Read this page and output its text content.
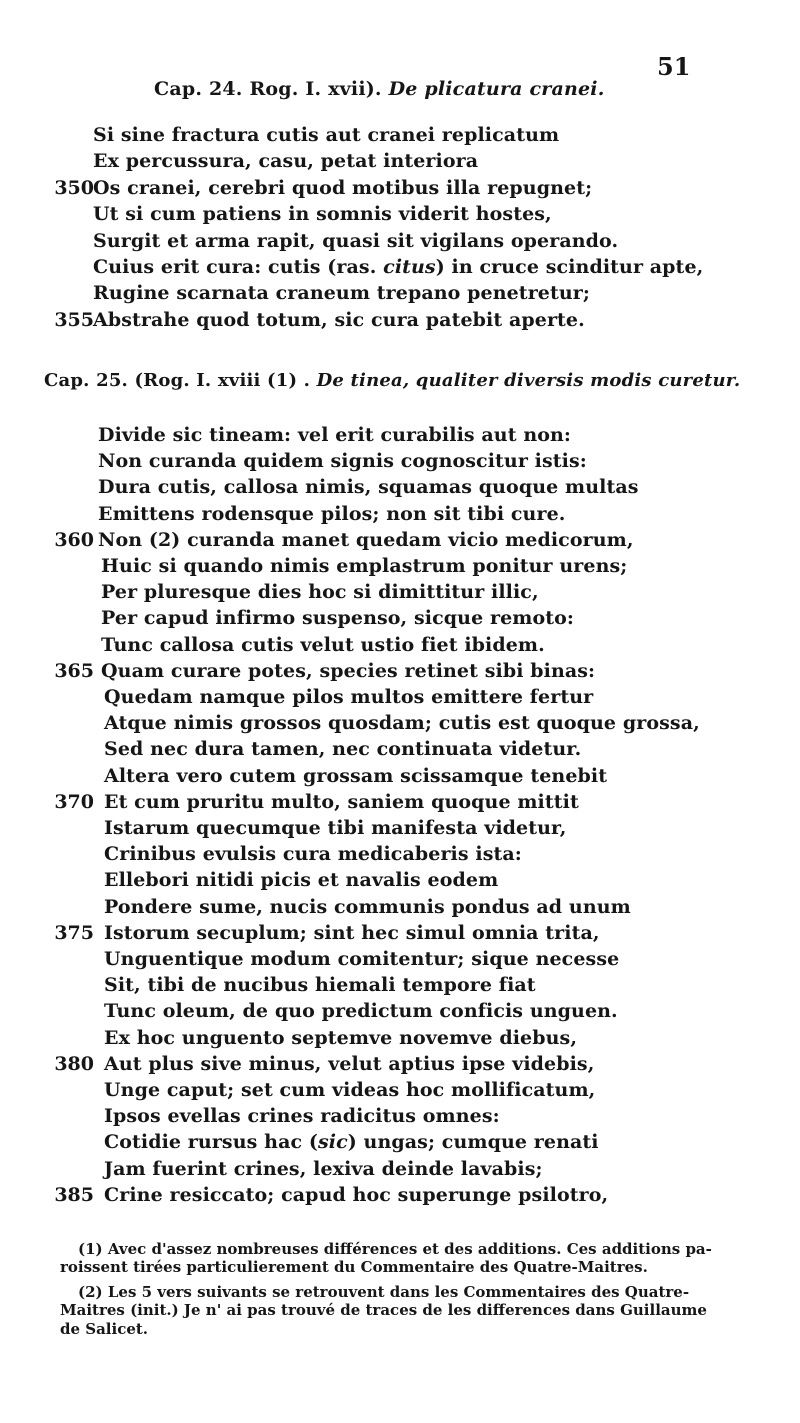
51
Cap. 24. Rog. I. xvii). De plicatura cranei.
Si sine fractura cutis aut cranei replicatum
Ex percussura, casu, petat interiora
350 Os cranei, cerebri quod motibus illa repugnet;
Ut si cum patiens in somnis viderit hostes,
Surgit et arma rapit, quasi sit vigilans operando.
Cuius erit cura: cutis (ras. citus) in cruce scinditur apte,
Rugine scarnata craneum trepano penetretur;
355 Abstrahe quod totum, sic cura patebit aperte.
Cap. 25. (Rog. I. xviii (1) . De tinea, qualiter diversis modis curetur.
Divide sic tineam: vel erit curabilis aut non:
Non curanda quidem signis cognoscitur istis:
Dura cutis, callosa nimis, squamas quoque multas
Emittens rodensque pilos; non sit tibi cure.
360 Non (2) curanda manet quedam vicio medicorum,
Huic si quando nimis emplastrum ponitur urens;
Per pluresque dies hoc si dimittitur illic,
Per capud infirmo suspenso, sicque remoto:
Tunc callosa cutis velut ustio fiet ibidem.
365 Quam curare potes, species retinet sibi binas:
Quedam namque pilos multos emittere fertur
Atque nimis grossos quosdam; cutis est quoque grossa,
Sed nec dura tamen, nec continuata videtur.
Altera vero cutem grossam scissamque tenebit
370 Et cum pruritu multo, saniem quoque mittit
Istarum quecumque tibi manifesta videtur,
Crinibus evulsis cura medicaberis ista:
Ellebori nitidi picis et navalis eodem
Pondere sume, nucis communis pondus ad unum
375 Istorum secuplum; sint hec simul omnia trita,
Unguentique modum comitentur; sique necesse
Sit, tibi de nucibus hiemali tempore fiat
Tunc oleum, de quo predictum conficis unguen.
Ex hoc unguento septemve novemve diebus,
380 Aut plus sive minus, velut aptius ipse videbis,
Unge caput; set cum videas hoc mollificatum,
Ipsos evellas crines radicitus omnes:
Cotidie rursus hac (sic) ungas; cumque renati
Jam fuerint crines, lexiva deinde lavabis;
385 Crine resiccato; capud hoc superunge psilotro,
(1) Avec d'assez nombreuses différences et des additions. Ces additions pa-
roissent tirées particulierement du Commentaire des Quatre-Maitres.
(2) Les 5 vers suivants se retrouvent dans les Commentaires des Quatre-
Maitres (init.) Je n' ai pas trouvé de traces de les differences dans Guillaume
de Salicet.
